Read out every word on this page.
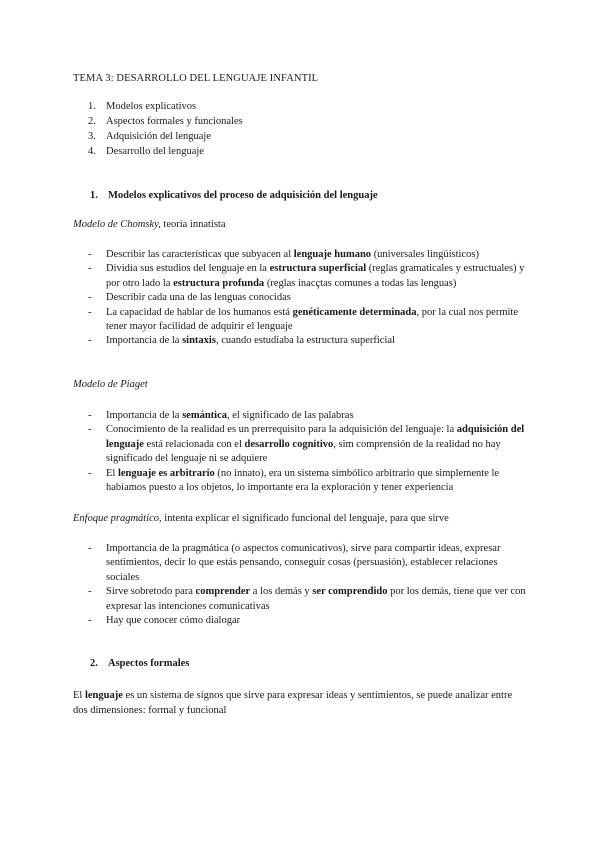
TEMA 3: DESARROLLO DEL LENGUAJE INFANTIL
1. Modelos explicativos
2. Aspectos formales y funcionales
3. Adquisición del lenguaje
4. Desarrollo del lenguaje
1. Modelos explicativos del proceso de adquisición del lenguaje
Modelo de Chomsky, teoría innatista
- Describir las características que subyacen al lenguaje humano (universales lingüísticos)
- Dividía sus estudios del lenguaje en la estructura superficial (reglas gramaticales y estructuales) y por otro lado la estructura profunda (reglas inacҫtas comunes a todas las lenguas)
- Describir cada una de las lenguas conocidas
- La capacidad de hablar de los humanos está genéticamente determinada, por la cual nos permite tener mayor facilidad de adquirir el lenguaje
- Importancia de la sintaxis, cuando estudiaba la estructura superficial
Modelo de Piaget
- Importancia de la semántica, el significado de las palabras
- Conocimiento de la realidad es un prerrequisito para la adquisición del lenguaje: la adquisición del lenguaje está relacionada con el desarrollo cognitivo, sim comprensión de la realidad no hay significado del lenguaje ni se adquiere
- El lenguaje es arbitrario (no innato), era un sistema simbólico arbitrario que simplemente le habíamos puesto a los objetos, lo importante era la exploración y tener experiencia
Enfoque pragmático, intenta explicar el significado funcional del lenguaje, para que sirve
- Importancia de la pragmática (o aspectos comunicativos), sirve para compartir ideas, expresar sentimientos, decir lo que estás pensando, conseguir cosas (persuasión), establecer relaciones sociales
- Sirve sobretodo para comprender a los demás y ser comprendido por los demás, tiene que ver con expresar las intenciones comunicativas
- Hay que conocer cómo dialogar
2. Aspectos formales
El lenguaje es un sistema de signos que sirve para expresar ideas y sentimientos, se puede analizar entre dos dimensiones: formal y funcional
